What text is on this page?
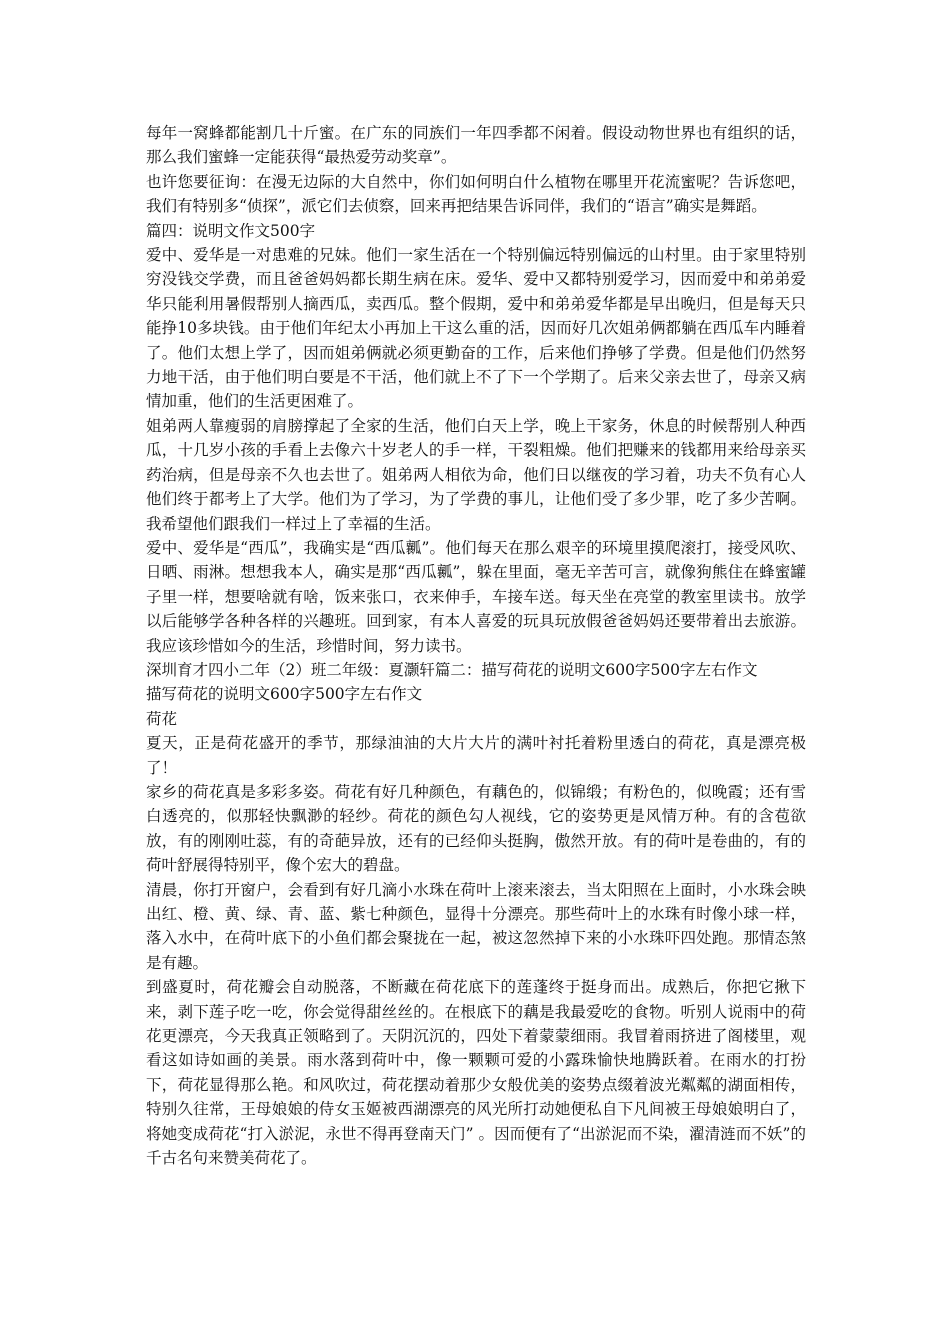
每年一窝蜂都能割几十斤蜜。在广东的同族们一年四季都不闲着。假设动物世界也有组织的话，那么我们蜜蜂一定能获得“最热爱劳动奖章”。

也许您要征询：在漫无边际的大自然中，你们如何明白什么植物在哪里开花流蜜呢？告诉您吧，我们有特别多“侦探”，派它们去侦察，回来再把结果告诉同伴，我们的“语言”确实是舞蹈。

篇四：说明文作文500字

爱中、爱华是一对患难的兄妹。他们一家生活在一个特别偏远特别偏远的山村里。由于家里特别穷没钱交学费，而且爸爸妈妈都长期生病在床。爱华、爱中又都特别爱学习，因而爱中和弟弟爱华只能利用暑假帮别人摘西瓜，卖西瓜。整个假期，爱中和弟弟爱华都是早出晚归，但是每天只能挣10多块钱。由于他们年纪太小再加上干这么重的活，因而好几次姐弟俩都躺在西瓜车内睡着了。他们太想上学了，因而姐弟俩就必须更勤奋的工作，后来他们挣够了学费。但是他们仍然努力地干活，由于他们明白要是不干活，他们就上不了下一个学期了。后来父亲去世了，母亲又病情加重，他们的生活更困难了。

姐弟两人靠瘦弱的肩膀撑起了全家的生活，他们白天上学，晚上干家务，休息的时候帮别人种西瓜，十几岁小孩的手看上去像六十岁老人的手一样，干裂粗燥。他们把赚来的钱都用来给母亲买药治病，但是母亲不久也去世了。姐弟两人相依为命，他们日以继夜的学习着，功夫不负有心人他们终于都考上了大学。他们为了学习，为了学费的事儿，让他们受了多少罪，吃了多少苦啊。我希望他们跟我们一样过上了幸福的生活。

爱中、爱华是“西瓜”，我确实是“西瓜瓤”。他们每天在那么艰辛的环境里摸爬滚打，接受风吹、日晒、雨淋。想想我本人，确实是那“西瓜瓤”，躲在里面，毫无辛苦可言，就像狗熊住在蜂蜜罐子里一样，想要啥就有啥，饭来张口，衣来伸手，车接车送。每天坐在亮堂的教室里读书。放学以后能够学各种各样的兴趣班。回到家，有本人喜爱的玩具玩放假爸爸妈妈还要带着出去旅游。我应该珍惜如今的生活，珍惜时间，努力读书。

深圳育才四小二年（2）班二年级：夏灏轩篇二：描写荷花的说明文600字500字左右作文

描写荷花的说明文600字500字左右作文

荷花

夏天，正是荷花盛开的季节，那绿油油的大片大片的满叶衬托着粉里透白的荷花，真是漂亮极了！

家乡的荷花真是多彩多姿。荷花有好几种颜色，有藕色的，似锦缎；有粉色的，似晚霞；还有雪白透亮的，似那轻快飘渺的轻纱。荷花的颜色勾人视线，它的姿势更是风情万种。有的含苞欲放，有的刚刚吐蕊，有的奇葩异放，还有的已经仰头挺胸，傲然开放。有的荷叶是卷曲的，有的荷叶舒展得特别平，像个宏大的碧盘。

清晨，你打开窗户，会看到有好几滴小水珠在荷叶上滚来滚去，当太阳照在上面时，小水珠会映出红、橙、黄、绿、青、蓝、紫七种颜色，显得十分漂亮。那些荷叶上的水珠有时像小球一样，落入水中，在荷叶底下的小鱼们都会聚拢在一起，被这忽然掉下来的小水珠吓四处跑。那情态煞是有趣。

到盛夏时，荷花瓣会自动脱落，不断藏在荷花底下的莲蓬终于挺身而出。成熟后，你把它揪下来，剥下莲子吃一吃，你会觉得甜丝丝的。在根底下的藕是我最爱吃的食物。听别人说雨中的荷花更漂亮，今天我真正领略到了。天阴沉沉的，四处下着蒙蒙细雨。我冒着雨挤进了阁楼里，观看这如诗如画的美景。雨水落到荷叶中，像一颗颗可爱的小露珠愉快地腾跃着。在雨水的打扮下，荷花显得那么艳。和风吹过，荷花摆动着那少女般优美的姿势点缀着波光粼粼的湖面相传，特别久往常，王母娘娘的侍女玉姬被西湖漂亮的风光所打动她便私自下凡间被王母娘娘明白了，将她变成荷花“打入淤泥，永世不得再登南天门” 。因而便有了“出淤泥而不染，濯清涟而不妖”的千古名句来赞美荷花了。
